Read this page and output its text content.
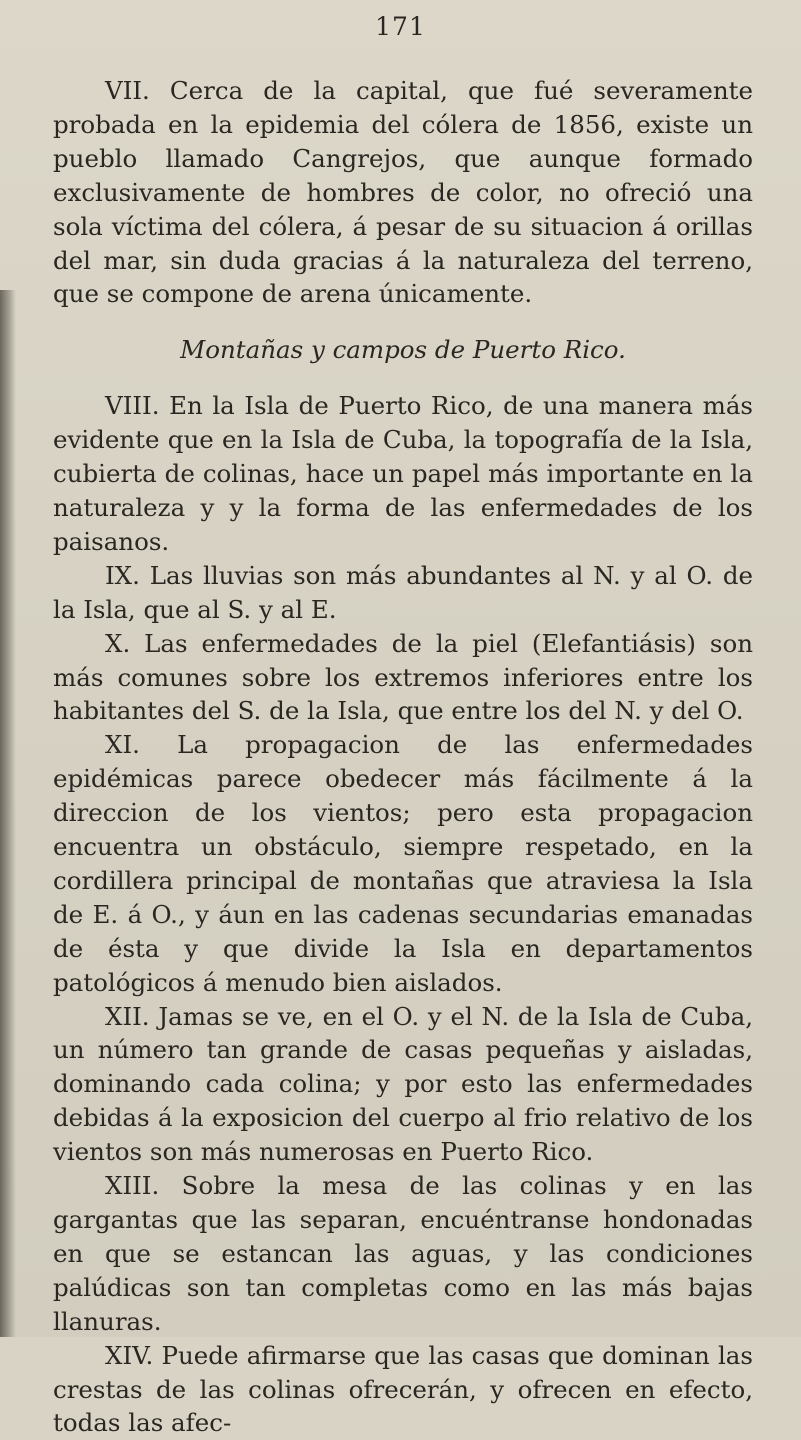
171

VII. Cerca de la capital, que fué severamente probada en la epidemia del cólera de 1856, existe un pueblo llamado Cangrejos, que aunque formado exclusivamente de hombres de color, no ofreció una sola víctima del cólera, á pesar de su situacion á orillas del mar, sin duda gracias á la naturaleza del terreno, que se compone de arena únicamente.

Montañas y campos de Puerto Rico.

VIII. En la Isla de Puerto Rico, de una manera más evidente que en la Isla de Cuba, la topografía de la Isla, cubierta de colinas, hace un papel más importante en la naturaleza y y la forma de las enfermedades de los paisanos.

IX. Las lluvias son más abundantes al N. y al O. de la Isla, que al S. y al E.

X. Las enfermedades de la piel (Elefantiásis) son más comunes sobre los extremos inferiores entre los habitantes del S. de la Isla, que entre los del N. y del O.

XI. La propagacion de las enfermedades epidémicas parece obedecer más fácilmente á la direccion de los vientos; pero esta propagacion encuentra un obstáculo, siempre respetado, en la cordillera principal de montañas que atraviesa la Isla de E. á O., y áun en las cadenas secundarias emanadas de ésta y que divide la Isla en departamentos patológicos á menudo bien aislados.

XII. Jamas se ve, en el O. y el N. de la Isla de Cuba, un número tan grande de casas pequeñas y aisladas, dominando cada colina; y por esto las enfermedades debidas á la exposicion del cuerpo al frio relativo de los vientos son más numerosas en Puerto Rico.

XIII. Sobre la mesa de las colinas y en las gargantas que las separan, encuéntranse hondonadas en que se estancan las aguas, y las condiciones palúdicas son tan completas como en las más bajas llanuras.

XIV. Puede afirmarse que las casas que dominan las crestas de las colinas ofrecerán, y ofrecen en efecto, todas las afec-
